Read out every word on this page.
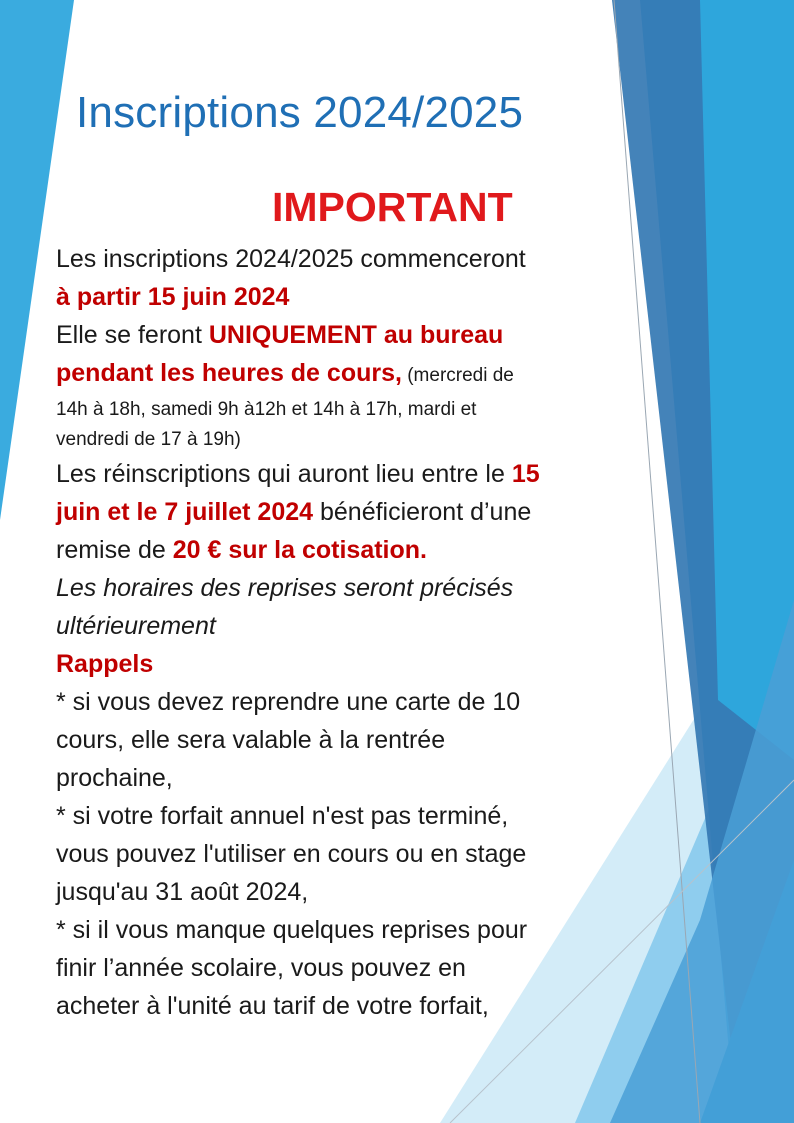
Inscriptions 2024/2025
IMPORTANT
Les inscriptions 2024/2025 commenceront
à partir 15 juin 2024
Elle se feront UNIQUEMENT au bureau
pendant les heures de cours, (mercredi de
14h à 18h, samedi 9h à12h et 14h à 17h, mardi et
vendredi de 17 à 19h)
Les réinscriptions qui auront lieu entre le 15
juin et le 7 juillet 2024 bénéficieront d’une
remise de 20 € sur la cotisation.
Les horaires des reprises seront précisés
ultérieurement
Rappels
* si vous devez reprendre une carte de 10
cours, elle sera valable à la rentrée
prochaine,
* si votre forfait annuel n'est pas terminé,
vous pouvez l'utiliser en cours ou en stage
jusqu'au 31 août 2024,
* si il vous manque quelques reprises pour
finir l’année scolaire, vous pouvez en
acheter à l'unité au tarif de votre forfait,
